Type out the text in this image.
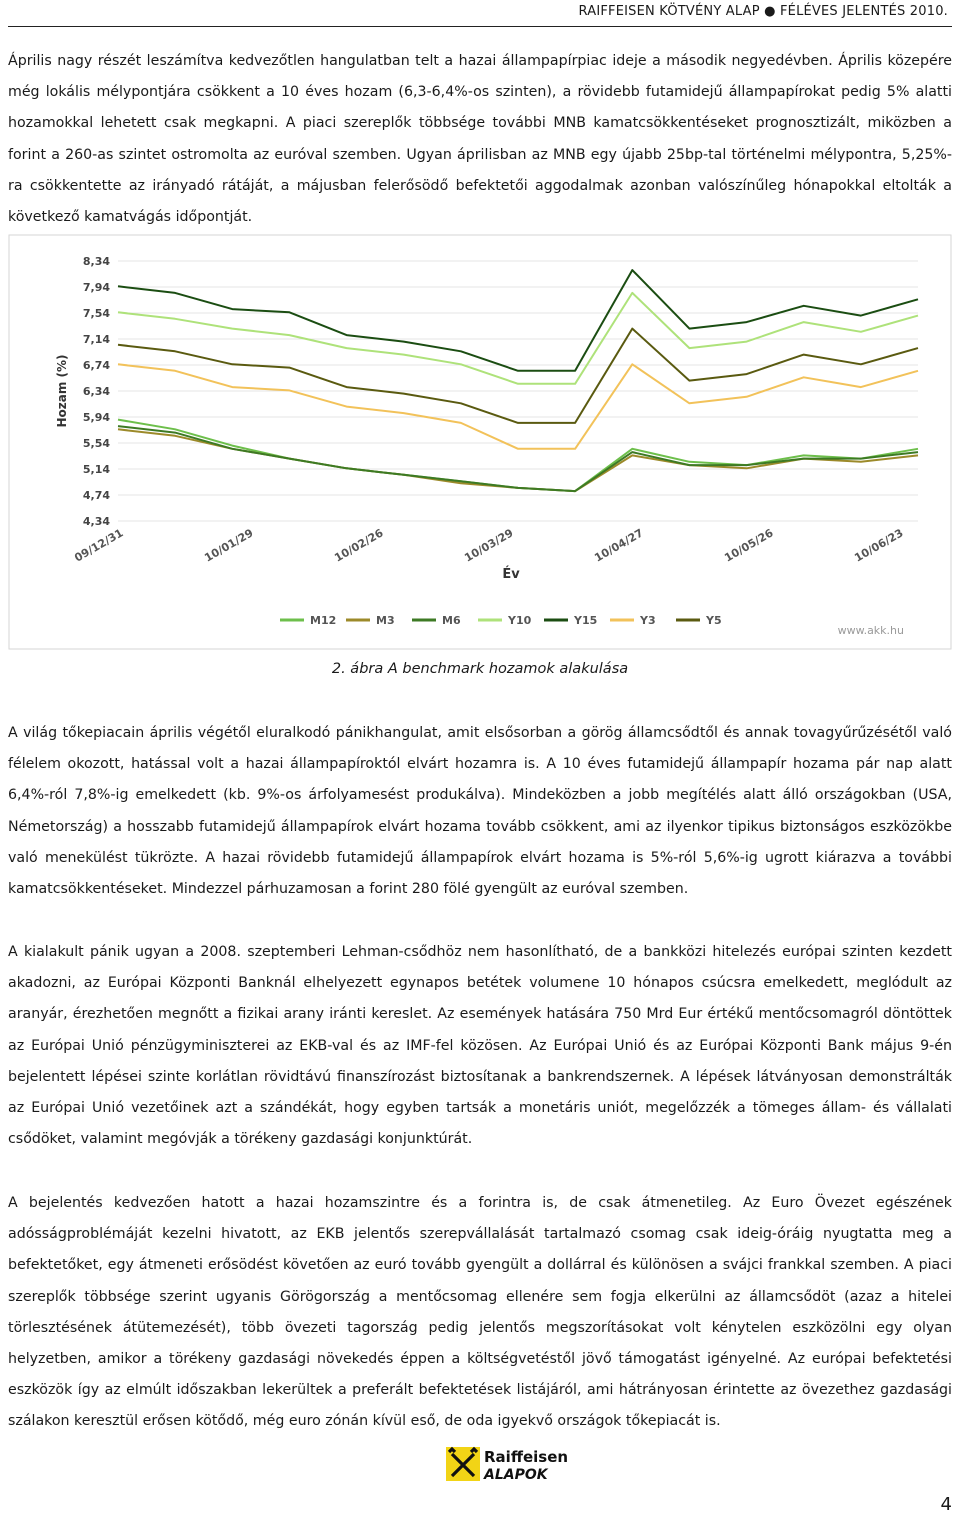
RAIFFEISEN KÖTVÉNY ALAP ● FÉLÉVES JELENTÉS 2010.

Április nagy részét leszámítva kedvezőtlen hangulatban telt a hazai állampapírpiac ideje a második negyedévben. Április közepére még lokális mélypontjára csökkent a 10 éves hozam (6,3-6,4%-os szinten), a rövidebb futamidejű állampapírokat pedig 5% alatti hozamokkal lehetett csak megkapni. A piaci szereplők többsége további MNB kamatcsökkentéseket prognosztizált, miközben a forint a 260-as szintet ostromolta az euróval szemben. Ugyan áprilisban az MNB egy újabb 25bp-tal történelmi mélypontra, 5,25%-ra csökkentette az irányadó rátáját, a májusban felerősödő befektetői aggodalmak azonban valószínűleg hónapokkal eltolták a következő kamatvágás időpontját.

8,34
7,94
7,54
7,14
6,74
6,34
5,94
5,54
5,14
4,74
4,34
09/12/31	10/01/29	10/02/26	10/03/29	10/04/27	10/05/26	10/06/23
Hozam (%)
Év
M12	M3	M6	Y10	Y15	Y3	Y5
www.akk.hu
2. ábra A benchmark hozamok alakulása

A világ tőkepiacain április végétől eluralkodó pánikhangulat, amit elsősorban a görög államcsődtől és annak tovagyűrűzésétől való félelem okozott, hatással volt a hazai állampapíroktól elvárt hozamra is. A 10 éves futamidejű állampapír hozama pár nap alatt 6,4%-ról 7,8%-ig emelkedett (kb. 9%-os árfolyamesést produkálva). Mindeközben a jobb megítélés alatt álló országokban (USA, Németország) a hosszabb futamidejű állampapírok elvárt hozama tovább csökkent, ami az ilyenkor tipikus biztonságos eszközökbe való menekülést tükrözte. A hazai rövidebb futamidejű állampapírok elvárt hozama is 5%-ról 5,6%-ig ugrott kiárazva a további kamatcsökkentéseket. Mindezzel párhuzamosan a forint 280 fölé gyengült az euróval szemben.

A kialakult pánik ugyan a 2008. szeptemberi Lehman-csődhöz nem hasonlítható, de a bankközi hitelezés európai szinten kezdett akadozni, az Európai Központi Banknál elhelyezett egynapos betétek volumene 10 hónapos csúcsra emelkedett, meglódult az aranyár, érezhetően megnőtt a fizikai arany iránti kereslet. Az események hatására 750 Mrd Eur értékű mentőcsomagról döntöttek az Európai Unió pénzügyminiszterei az EKB-val és az IMF-fel közösen. Az Európai Unió és az Európai Központi Bank május 9-én bejelentett lépései szinte korlátlan rövidtávú finanszírozást biztosítanak a bankrendszernek. A lépések látványosan demonstrálták az Európai Unió vezetőinek azt a szándékát, hogy egyben tartsák a monetáris uniót, megelőzzék a tömeges állam- és vállalati csődöket, valamint megóvják a törékeny gazdasági konjunktúrát.

A bejelentés kedvezően hatott a hazai hozamszintre és a forintra is, de csak átmenetileg. Az Euro Övezet egészének adósságproblémáját kezelni hivatott, az EKB jelentős szerepvállalását tartalmazó csomag csak ideig-óráig nyugtatta meg a befektetőket, egy átmeneti erősödést követően az euró tovább gyengült a dollárral és különösen a svájci frankkal szemben. A piaci szereplők többsége szerint ugyanis Görögország a mentőcsomag ellenére sem fogja elkerülni az államcsődöt (azaz a hitelei törlesztésének átütemezését), több övezeti tagország pedig jelentős megszorításokat volt kénytelen eszközölni egy olyan helyzetben, amikor a törékeny gazdasági növekedés éppen a költségvetéstől jövő támogatást igényelné. Az európai befektetési eszközök így az elmúlt időszakban lekerültek a preferált befektetések listájáról, ami hátrányosan érintette az övezethez gazdasági szálakon keresztül erősen kötődő, még euro zónán kívül eső, de oda igyekvő országok tőkepiacát is.

Raiffeisen
ALAPOK
4
